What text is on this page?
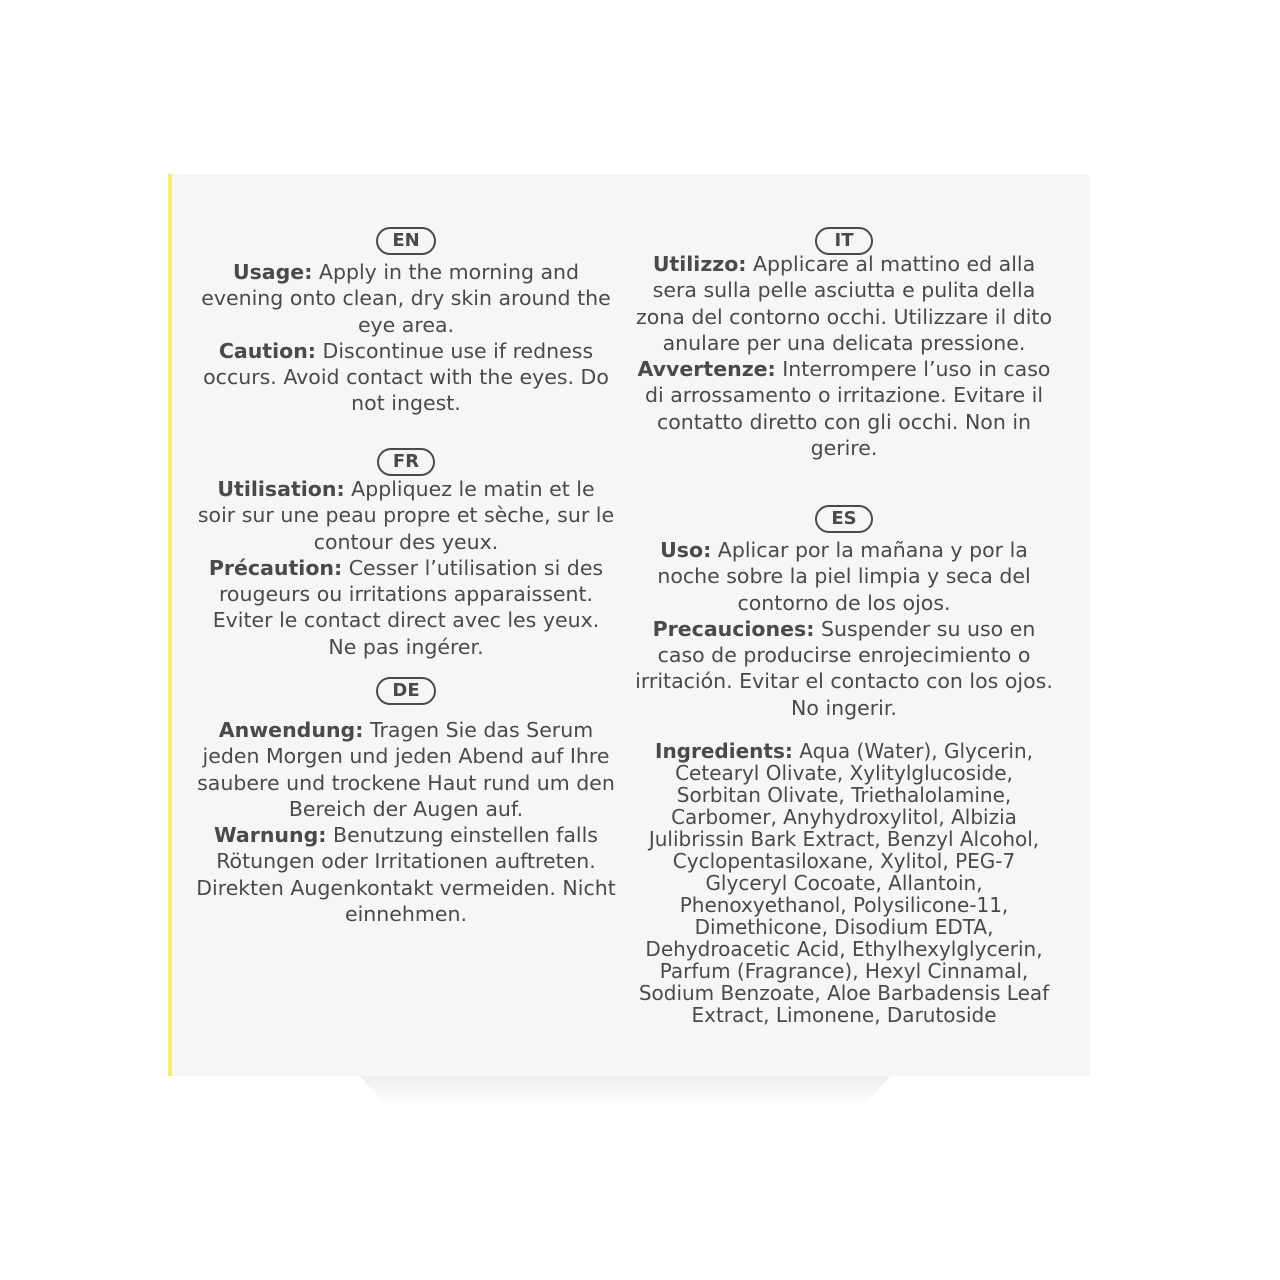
EN

Usage: Apply in the morning and evening onto clean, dry skin around the eye area.

Caution: Discontinue use if redness occurs. Avoid contact with the eyes. Do not ingest.

FR

Utilisation: Appliquez le matin et le soir sur une peau propre et sèche, sur le contour des yeux.

Précaution: Cesser l’utilisation si des rougeurs ou irritations apparaissent. Eviter le contact direct avec les yeux. Ne pas ingérer.

DE

Anwendung: Tragen Sie das Serum jeden Morgen und jeden Abend auf Ihre saubere und trockene Haut rund um den Bereich der Augen auf.

Warnung: Benutzung einstellen falls Rötungen oder Irritationen auftreten. Direkten Augenkontakt vermeiden. Nicht einnehmen.

IT

Utilizzo: Applicare al mattino ed alla sera sulla pelle asciutta e pulita della zona del contorno occhi. Utilizzare il dito anulare per una delicata pressione.

Avvertenze: Interrompere l’uso in caso di arrossamento o irritazione. Evitare il contatto diretto con gli occhi. Non in gerire.

ES

Uso: Aplicar por la mañana y por la noche sobre la piel limpia y seca del contorno de los ojos.

Precauciones: Suspender su uso en caso de producirse enrojecimiento o irritación. Evitar el contacto con los ojos. No ingerir.

Ingredients: Aqua (Water), Glycerin, Cetearyl Olivate, Xylitylglucoside, Sorbitan Olivate, Triethalolamine, Carbomer, Anyhydroxylitol, Albizia Julibrissin Bark Extract, Benzyl Alcohol, Cyclopentasiloxane, Xylitol, PEG-7 Glyceryl Cocoate, Allantoin, Phenoxyethanol, Polysilicone-11, Dimethicone, Disodium EDTA, Dehydroacetic Acid, Ethylhexylglycerin, Parfum (Fragrance), Hexyl Cinnamal, Sodium Benzoate, Aloe Barbadensis Leaf Extract, Limonene, Darutoside
